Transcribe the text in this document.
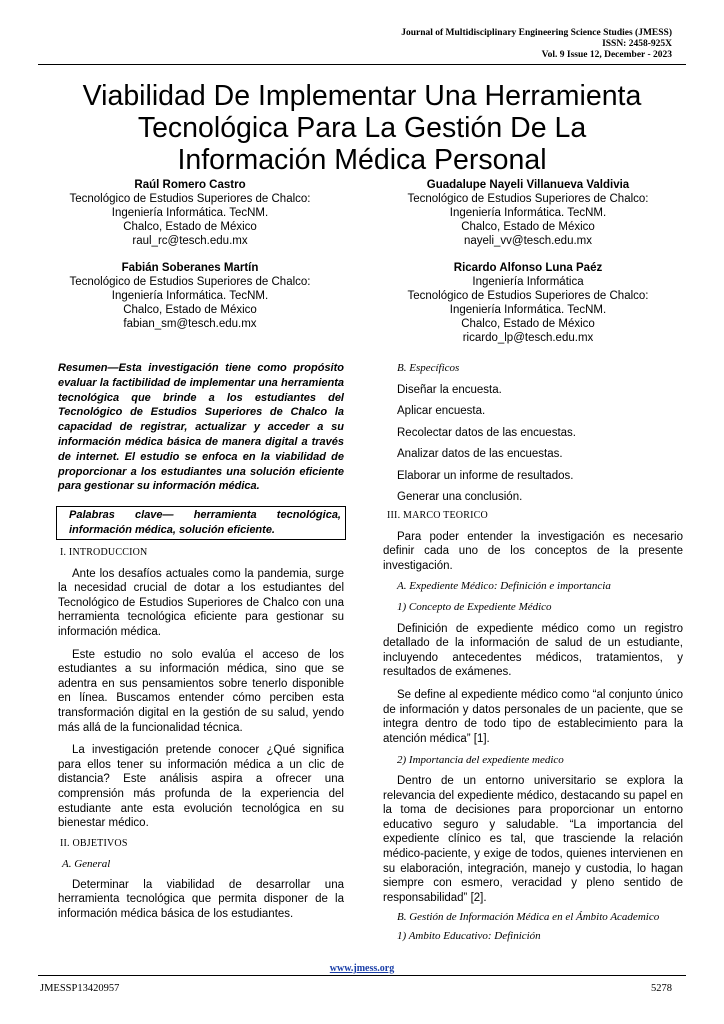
Journal of Multidisciplinary Engineering Science Studies (JMESS)
ISSN: 2458-925X
Vol. 9 Issue 12, December - 2023
Viabilidad De Implementar Una Herramienta
Tecnológica Para La Gestión De La
Información Médica Personal
Raúl Romero Castro
Tecnológico de Estudios Superiores de Chalco:
Ingeniería Informática. TecNM.
Chalco, Estado de México
raul_rc@tesch.edu.mx
Guadalupe Nayeli Villanueva Valdivia
Tecnológico de Estudios Superiores de Chalco:
Ingeniería Informática. TecNM.
Chalco, Estado de México
nayeli_vv@tesch.edu.mx
Fabián Soberanes Martín
Tecnológico de Estudios Superiores de Chalco:
Ingeniería Informática. TecNM.
Chalco, Estado de México
fabian_sm@tesch.edu.mx
Ricardo Alfonso Luna Paéz
Ingeniería Informática
Tecnológico de Estudios Superiores de Chalco:
Ingeniería Informática. TecNM.
Chalco, Estado de México
ricardo_lp@tesch.edu.mx
Resumen—Esta investigación tiene como propósito evaluar la factibilidad de implementar una herramienta tecnológica que brinde a los estudiantes del Tecnológico de Estudios Superiores de Chalco la capacidad de registrar, actualizar y acceder a su información médica básica de manera digital a través de internet. El estudio se enfoca en la viabilidad de proporcionar a los estudiantes una solución eficiente para gestionar su información médica.
Palabras clave— herramienta tecnológica, información médica, solución eficiente.
I. INTRODUCCION

Ante los desafíos actuales como la pandemia, surge la necesidad crucial de dotar a los estudiantes del Tecnológico de Estudios Superiores de Chalco con una herramienta tecnológica eficiente para gestionar su información médica.

Este estudio no solo evalúa el acceso de los estudiantes a su información médica, sino que se adentra en sus pensamientos sobre tenerlo disponible en línea. Buscamos entender cómo perciben esta transformación digital en la gestión de su salud, yendo más allá de la funcionalidad técnica.

La investigación pretende conocer ¿Qué significa para ellos tener su información médica a un clic de distancia? Este análisis aspira a ofrecer una comprensión más profunda de la experiencia del estudiante ante esta evolución tecnológica en su bienestar médico.

II. OBJETIVOS
A. General

Determinar la viabilidad de desarrollar una herramienta tecnológica que permita disponer de la información médica básica de los estudiantes.

B. Específicos
Diseñar la encuesta.
Aplicar encuesta.
Recolectar datos de las encuestas.
Analizar datos de las encuestas.
Elaborar un informe de resultados.
Generar una conclusión.
III. MARCO TEORICO

Para poder entender la investigación es necesario definir cada uno de los conceptos de la presente investigación.

A. Expediente Médico: Definición e importancia
1) Concepto de Expediente Médico

Definición de expediente médico como un registro detallado de la información de salud de un estudiante, incluyendo antecedentes médicos, tratamientos, y resultados de exámenes.

Se define al expediente médico como “al conjunto único de información y datos personales de un paciente, que se integra dentro de todo tipo de establecimiento para la atención médica” [1].

2) Importancia del expediente medico

Dentro de un entorno universitario se explora la relevancia del expediente médico, destacando su papel en la toma de decisiones para proporcionar un entorno educativo seguro y saludable. “La importancia del expediente clínico es tal, que trasciende la relación médico-paciente, y exige de todos, quienes intervienen en su elaboración, integración, manejo y custodia, lo hagan siempre con esmero, veracidad y pleno sentido de responsabilidad” [2].

B. Gestión de Información Médica en el Ámbito Academico
1) Ambito Educativo: Definición
www.jmess.org
JMESSP13420957	5278
